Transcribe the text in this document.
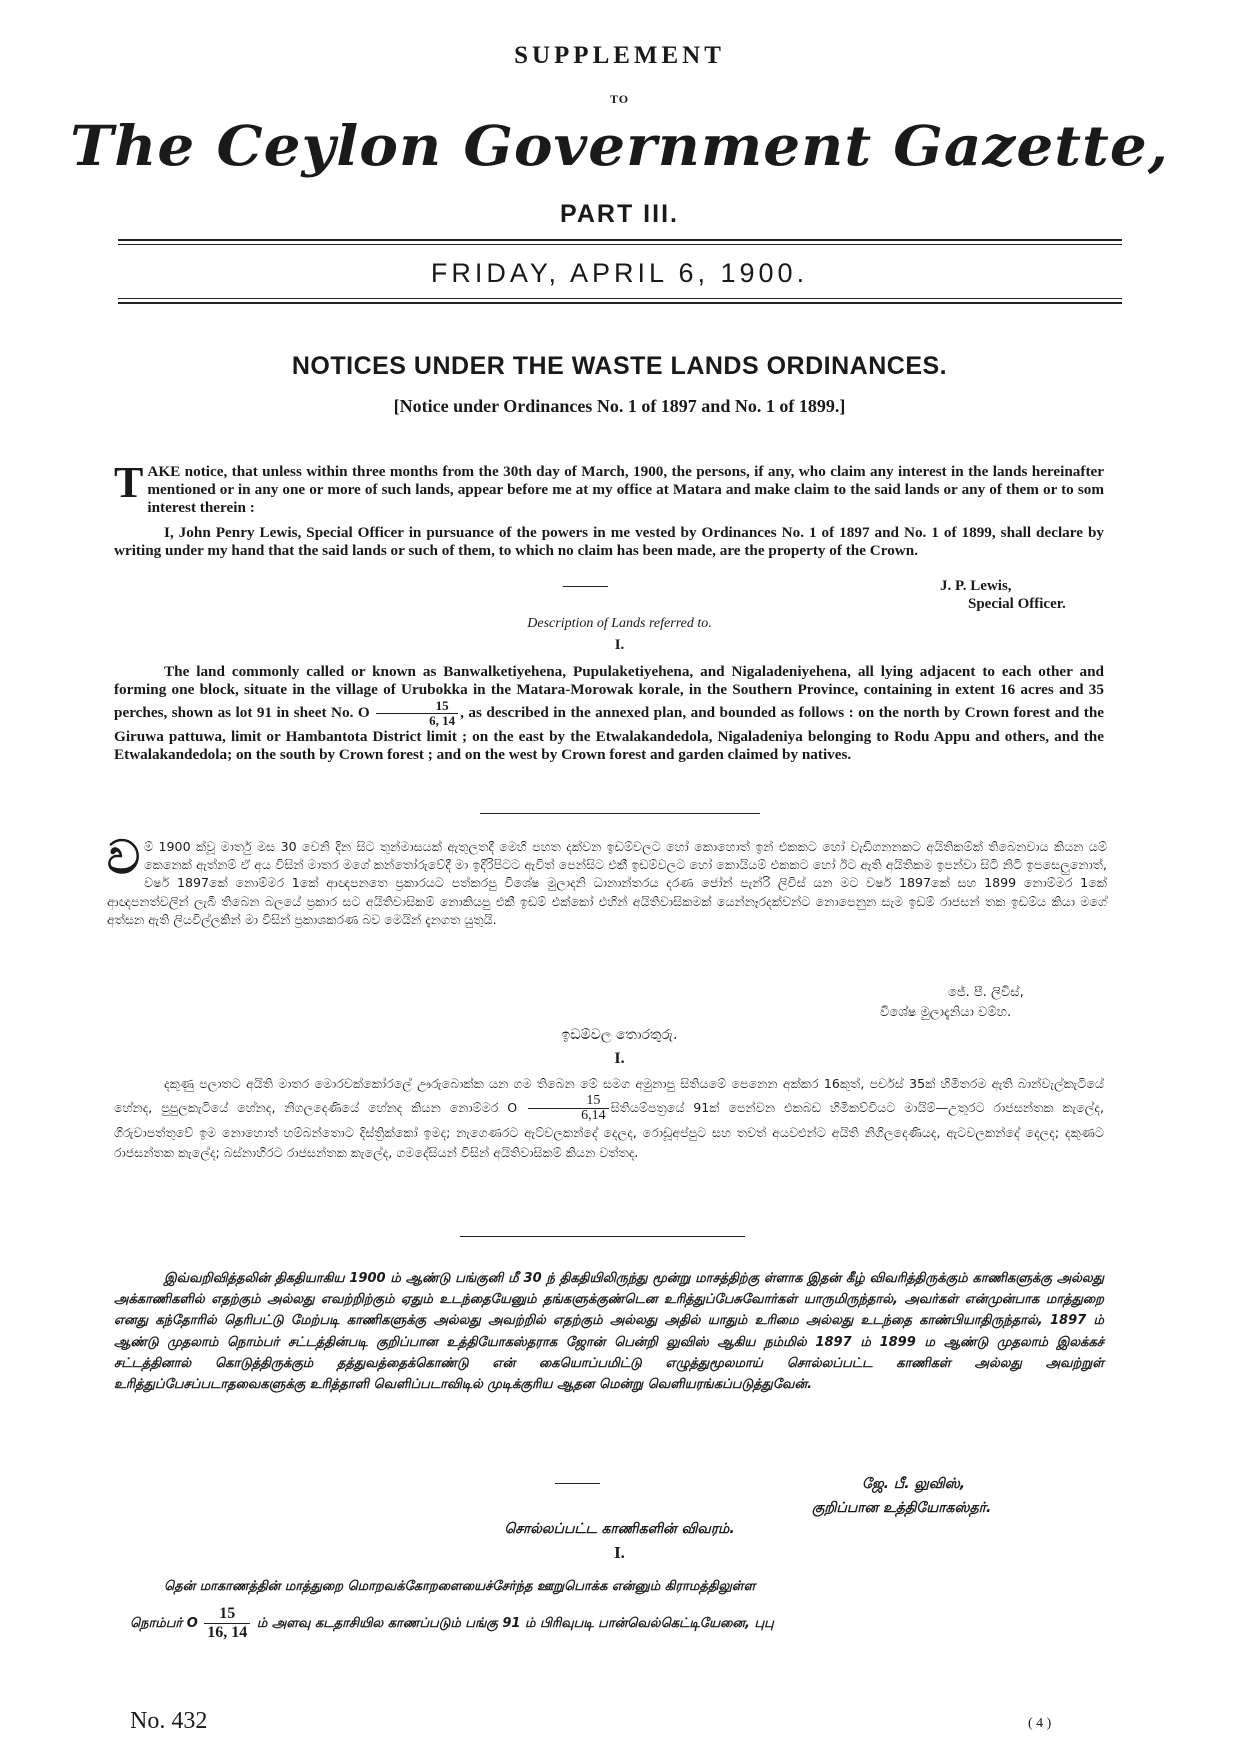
SUPPLEMENT
TO
The Ceylon Government Gazette,
PART III.
FRIDAY, APRIL 6, 1900.
NOTICES UNDER THE WASTE LANDS ORDINANCES.
[Notice under Ordinances No. 1 of 1897 and No. 1 of 1899.]
TAKE notice, that unless within three months from the 30th day of March, 1900, the persons, if any, who claim any interest in the lands hereinafter mentioned or in any one or more of such lands, appear before me at my office at Matara and make claim to the said lands or any of them or to som interest therein :
I, John Penry Lewis, Special Officer in pursuance of the powers in me vested by Ordinances No. 1 of 1897 and No. 1 of 1899, shall declare by writing under my hand that the said lands or such of them, to which no claim has been made, are the property of the Crown.
J. P. Lewis,
Special Officer.
Description of Lands referred to.
I.
The land commonly called or known as Banwalketiyehena, Pupulaketiyehena, and Nigaladeniyehena, all lying adjacent to each other and forming one block, situate in the village of Urubokka in the Matara-Morowak korale, in the Southern Province, containing in extent 16 acres and 35 perches, shown as lot 91 in sheet No. O $\frac{15}{6, 14}$ , as described in the annexed plan, and bounded as follows : on the north by Crown forest and the Giruwa pattuwa, limit or Hambantota District limit ; on the east by the Etwalakandedola, Nigaladeniya belonging to Rodu Appu and others, and the Etwalakandedola; on the south by Crown forest ; and on the west by Crown forest and garden claimed by natives.
වම් 1900 ක්වූ මාර්තු මස 30 වෙනි දින සිට තුන්මාසයක් ඇතුලතදී මෙහි පහත දක්වන ඉඩම්වලට හෝ කොහොත් ඉන් එකකට හෝ වැඩිගනනකට අයිතිකම්ක් තිබෙනවාය කියන යම් කෙනෙක් ඇත්නම් ඒ අය විසින් මාතර මගේ කන්තෝරුවේදී මා ඉදිරිපිටට ඇවිත් පෙන්සිට එකී ඉඩම්වලට හෝ කොයියම් එකකට හෝ ඊට ඇති අයිතිකම ඉපන්වා සිටි නිටි ඉපසෙලුනොත්, වර්ෂ 1897කේ නොම්මර 1කේ ආඥපනතෙ ප්‍රකාරයට පත්කරපු විශේෂ මුලාදනි ධානාන්තරය දරණ ජෝන් පැන්රි ලිවිස් යන මට වර්ෂ 1897කේ සහ 1899 නොම්මර 1කේ ආඥපනත්වලින් ලැබී තිබෙන බලයේ ප්‍රකාර සට අයිතිවාසිකම් නොකියපු එකී ඉඩම් එක්කෝ එහින් අයිතිවාසිකමක් යෙන්නෑරදක්වන්ට නොපෙනුන සැම ඉඩම් රාජසන් තක ඉඩම්ය කියා මගේ අත්සන ඇති ලියවිල්ලකින් මා විසින් ප්‍රකාශකරණ බව මෙයින් දැනගත යුතුයි.
ජේ. පී. ලිවිස්,
විශේෂ මුලාදැනියා වම්හ.
ඉඩම්වල තොරතුරු.
I.
දකුණු පලාතට අයිති මාතර මොරවක්කෝරලේ ඌරුබොක්ක යන ගම තිබෙන මේ සමග අමුනාපු සිතියමේ පෙනෙන අක්කර 16කුත්, පර්චස් 35ක් හිමිතරම ඇති බාන්වැල්කැටියේ හේනද, පුපුලකැටියේ හේනද, නිගලදෙණියේ හේනද කියන නොම්මර O $\frac{15}{6,14}$ සිතියම්පත්‍රයේ 91ක් පෙන්වන එකබඩ හිමිකව්වියට මායිම්—උතුරට රාජසන්තක කැලේද, ගිරුවාපත්තුවේ ඉම නොහොත් හම්බන්තොට දිස්ත්‍රික්කෝ ඉමද; නැගෙණරට ඇට්වලකන්දේ දෙලද, රොඩූඅප්පුට සහ තවත් අයවළුන්ට අයිති නිගිලදෙණියද, ඇටවලකන්දේ දෙලද; දකුණට රාජසන්තක කැලේද; බස්නාහිරට රාජසන්තක කැලේද, ගමදේසියන් විසින් අයිතිවාසිකම් කියන වත්තද.
இவ்வறிவித்தலின் திகதியாகிய 1900 ம் ஆண்டு பங்குனி மீ 30 ந் திகதியிலிருந்து மூன்று மாசத்திற்கு ள்ளாக இதன் கீழ் விவரித்திருக்கும் காணிகளுக்கு அல்லது அக்காணிகளில் எதற்கும் அல்லது எவற்றிற்கும் ஏதும் உடந்தையேனும் தங்களுக்குண்டென உரித்துப்பேசுவோர்கள் யாருமிருந்தால், அவர்கள் என்முன்பாக மாத்துறை எனது கந்தோரில் தெரிபட்டு மேற்படி காணிகளுக்கு அல்லது அவற்றில் எதற்கும் அல்லது அதில் யாதும் உரிமை அல்லது உடந்தை காண்பியாதிருந்தால், 1897 ம் ஆண்டு முதலாம் நொம்பர் சட்டத்தின்படி குறிப்பான உத்தியோகஸ்தராக ஜோன் பென்றி லுவிஸ் ஆகிய நம்மில் 1897 ம் 1899 ம ஆண்டு முதலாம் இலக்கச் சட்டத்தினால் கொடுத்திருக்கும் தத்துவத்தைக்கொண்டு என் கையொப்பமிட்டு எழுத்துமூலமாய் சொல்லப்பட்ட காணிகள் அல்லது அவற்றுள் உரித்துப்பேசப்படாதவைகளுக்கு உரித்தாளி வெளிப்படாவிடில் முடிக்குரிய ஆதன மென்று வெளியரங்கப்படுத்துவேன்.
ஜே. பீ. லுவிஸ்,
குறிப்பான உத்தியோகஸ்தர்.
சொல்லப்பட்ட காணிகளின் விவரம்.
I.
தென் மாகாணத்தின் மாத்துறை மொறவக்கோறளையைச்சேர்ந்த ஊறுபொக்க என்னும் கிராமத்திலுள்ள
நொம்பர் O $\frac{15}{16, 14}$ ம் அளவு கடதாசியில காணப்படும் பங்கு 91 ம் பிரிவுபடி பான்வெல்கெட்டியேனை, புபு
No. 432	( 4 )
